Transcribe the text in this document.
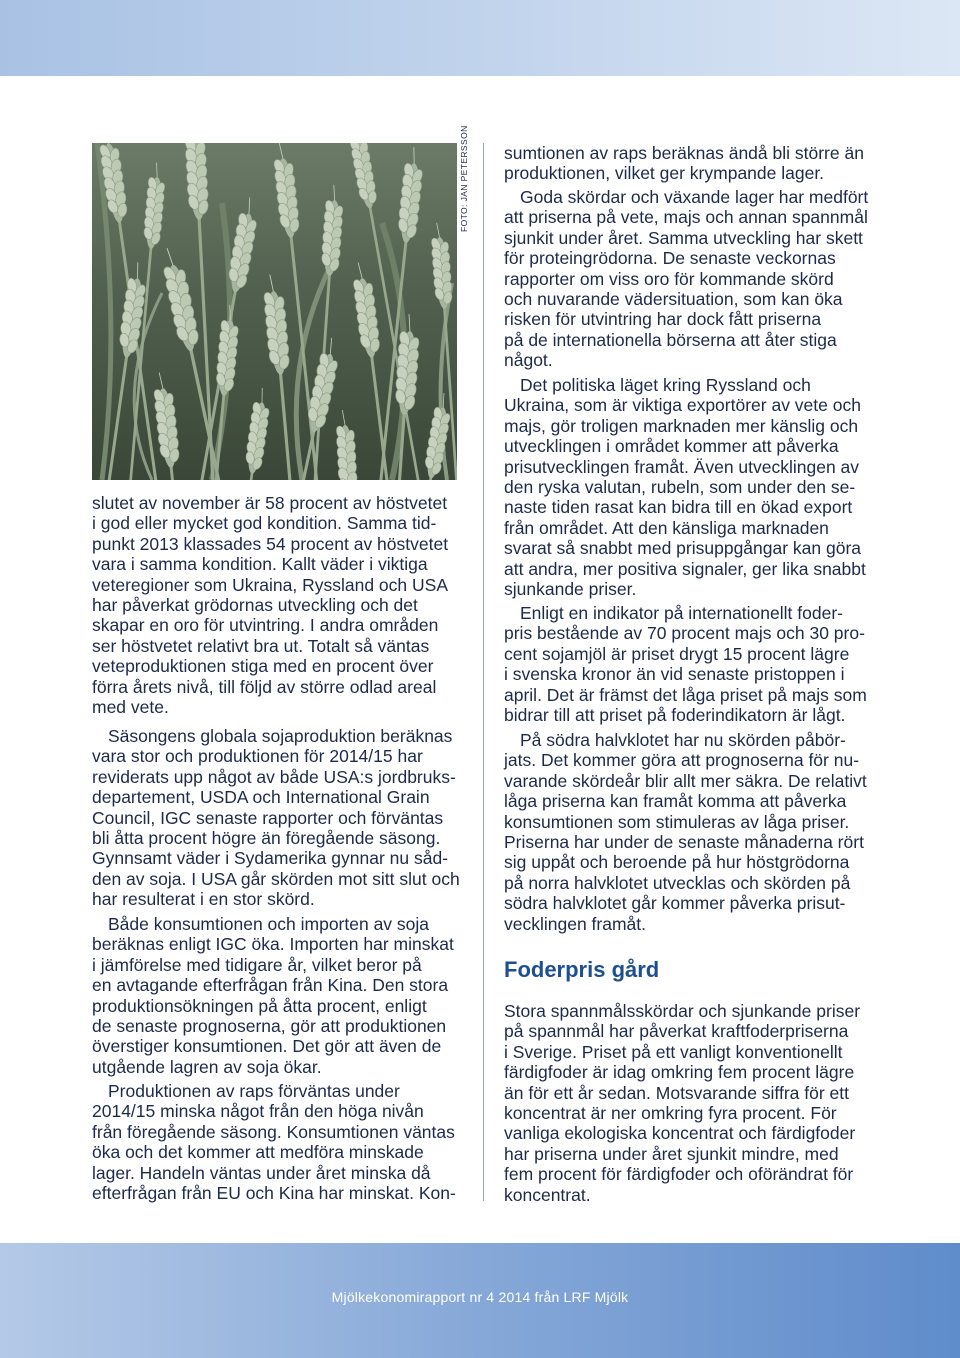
FOTO: JAN PETERSSON
slutet av november är 58 procent av höstvetet
i god eller mycket god kondition. Samma tid-
punkt 2013 klassades 54 procent av höstvetet
vara i samma kondition. Kallt väder i viktiga
veteregioner som Ukraina, Ryssland och USA
har påverkat grödornas utveckling och det
skapar en oro för utvintring. I andra områden
ser höstvetet relativt bra ut. Totalt så väntas
veteproduktionen stiga med en procent över
förra årets nivå, till följd av större odlad areal
med vete.
Säsongens globala sojaproduktion beräknas
vara stor och produktionen för 2014/15 har
reviderats upp något av både USA:s jordbruks-
departement, USDA och International Grain
Council, IGC senaste rapporter och förväntas
bli åtta procent högre än föregående säsong.
Gynnsamt väder i Sydamerika gynnar nu såd-
den av soja. I USA går skörden mot sitt slut och
har resulterat i en stor skörd.
Både konsumtionen och importen av soja
beräknas enligt IGC öka. Importen har minskat
i jämförelse med tidigare år, vilket beror på
en avtagande efterfrågan från Kina. Den stora
produktionsökningen på åtta procent, enligt
de senaste prognoserna, gör att produktionen
överstiger konsumtionen. Det gör att även de
utgående lagren av soja ökar.
Produktionen av raps förväntas under
2014/15 minska något från den höga nivån
från föregående säsong. Konsumtionen väntas
öka och det kommer att medföra minskade
lager. Handeln väntas under året minska då
efterfrågan från EU och Kina har minskat. Kon-
sumtionen av raps beräknas ändå bli större än
produktionen, vilket ger krympande lager.
Goda skördar och växande lager har medfört
att priserna på vete, majs och annan spannmål
sjunkit under året. Samma utveckling har skett
för proteingrödorna. De senaste veckornas
rapporter om viss oro för kommande skörd
och nuvarande vädersituation, som kan öka
risken för utvintring har dock fått priserna
på de internationella börserna att åter stiga
något.
Det politiska läget kring Ryssland och
Ukraina, som är viktiga exportörer av vete och
majs, gör troligen marknaden mer känslig och
utvecklingen i området kommer att påverka
prisutvecklingen framåt. Även utvecklingen av
den ryska valutan, rubeln, som under den se-
naste tiden rasat kan bidra till en ökad export
från området. Att den känsliga marknaden
svarat så snabbt med prisuppgångar kan göra
att andra, mer positiva signaler, ger lika snabbt
sjunkande priser.
Enligt en indikator på internationellt foder-
pris bestående av 70 procent majs och 30 pro-
cent sojamjöl är priset drygt 15 procent lägre
i svenska kronor än vid senaste pristoppen i
april. Det är främst det låga priset på majs som
bidrar till att priset på foderindikatorn är lågt.
På södra halvklotet har nu skörden påbör-
jats. Det kommer göra att prognoserna för nu-
varande skördeår blir allt mer säkra. De relativt
låga priserna kan framåt komma att påverka
konsumtionen som stimuleras av låga priser.
Priserna har under de senaste månaderna rört
sig uppåt och beroende på hur höstgrödorna
på norra halvklotet utvecklas och skörden på
södra halvklotet går kommer påverka prisut-
vecklingen framåt.
Foderpris gård
Stora spannmålsskördar och sjunkande priser
på spannmål har påverkat kraftfoderpriserna
i Sverige. Priset på ett vanligt konventionellt
färdigfoder är idag omkring fem procent lägre
än för ett år sedan. Motsvarande siffra för ett
koncentrat är ner omkring fyra procent. För
vanliga ekologiska koncentrat och färdigfoder
har priserna under året sjunkit mindre, med
fem procent för färdigfoder och oförändrat för
koncentrat.
Mjölkekonomirapport nr 4 2014 från LRF Mjölk
